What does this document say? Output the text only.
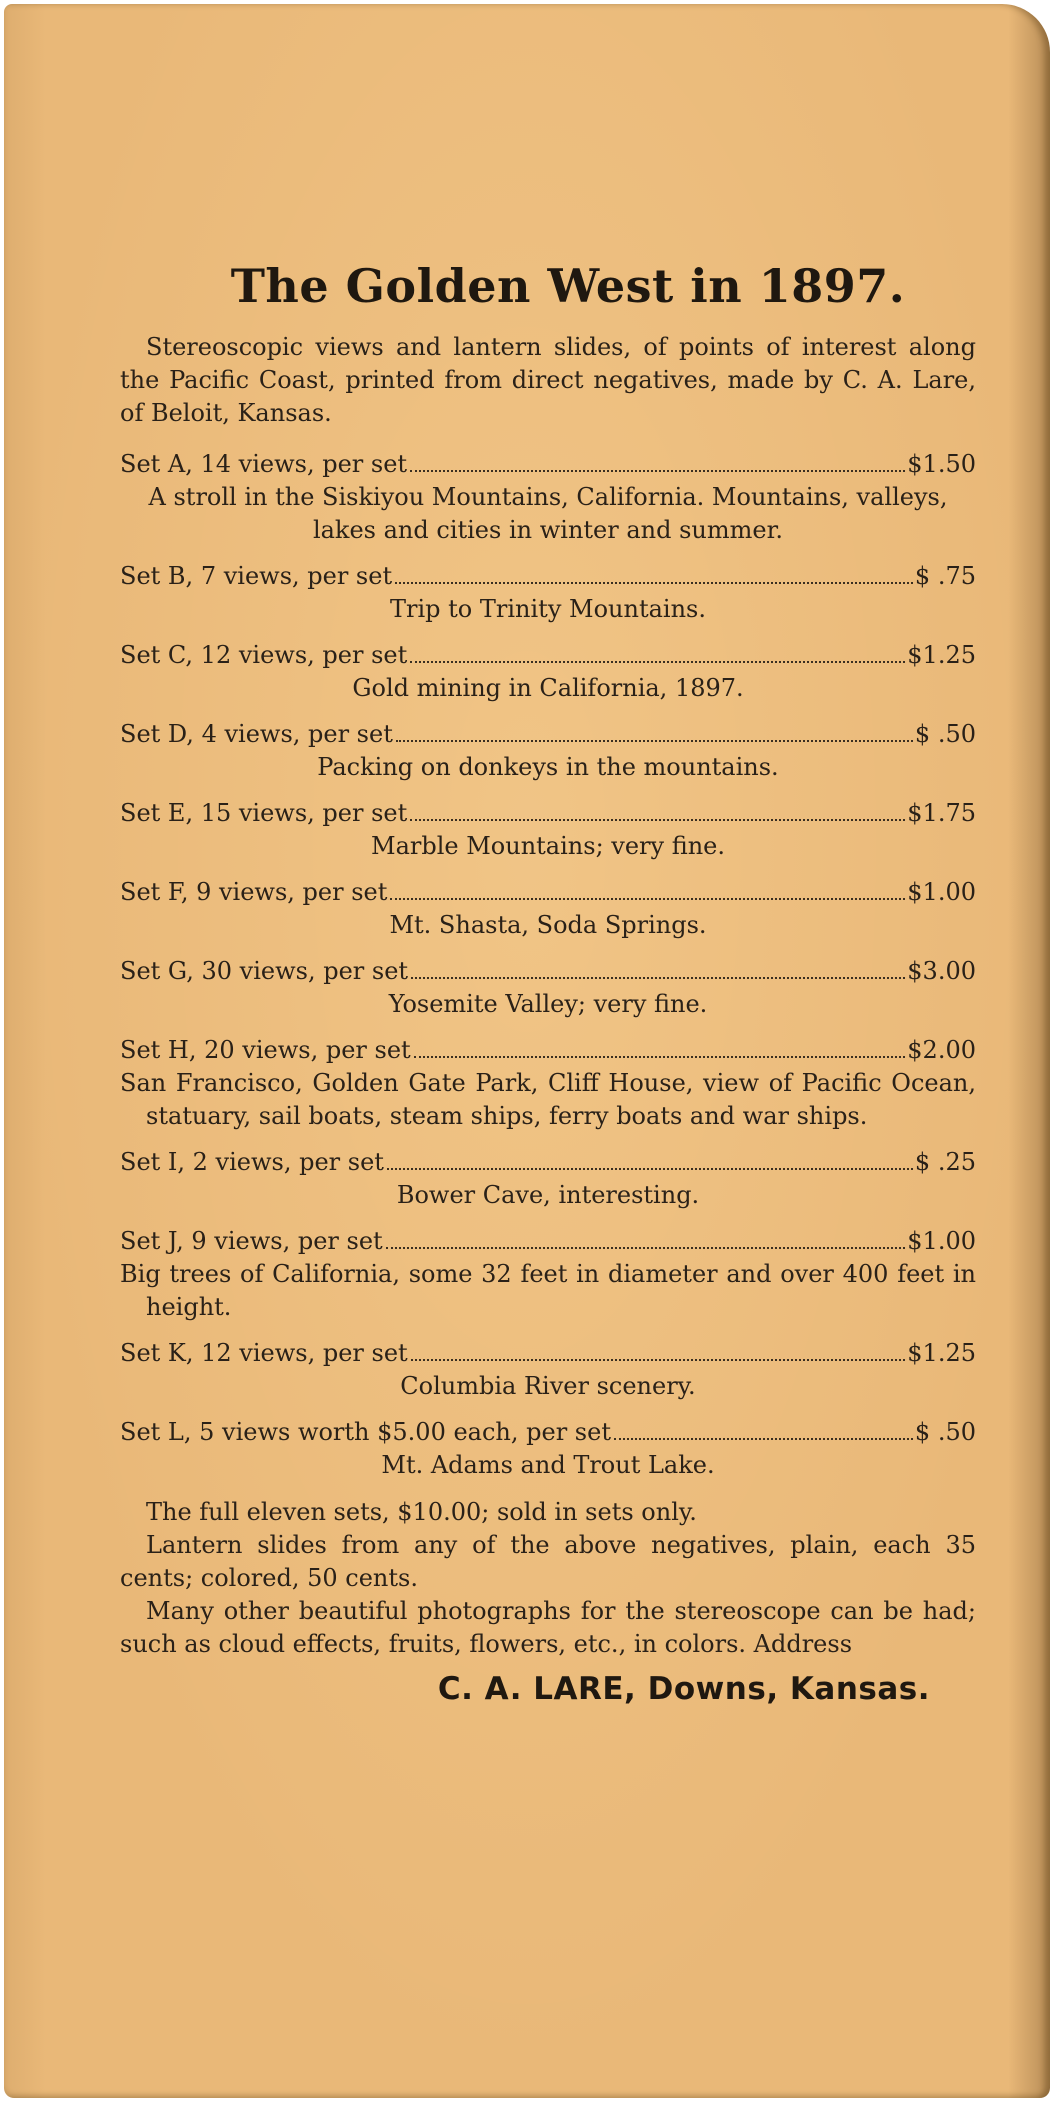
The Golden West in 1897.

Stereoscopic views and lantern slides, of points of interest along the Pacific Coast, printed from direct negatives, made by C. A. Lare, of Beloit, Kansas.

Set A, 14 views, per set	$1.50
A stroll in the Siskiyou Mountains, California. Mountains, valleys, lakes and cities in winter and summer.
Set B, 7 views, per set	$ .75
Trip to Trinity Mountains.
Set C, 12 views, per set	$1.25
Gold mining in California, 1897.
Set D, 4 views, per set	$ .50
Packing on donkeys in the mountains.
Set E, 15 views, per set	$1.75
Marble Mountains; very fine.
Set F, 9 views, per set	$1.00
Mt. Shasta, Soda Springs.
Set G, 30 views, per set	$3.00
Yosemite Valley; very fine.
Set H, 20 views, per set	$2.00
San Francisco, Golden Gate Park, Cliff House, view of Pacific Ocean, statuary, sail boats, steam ships, ferry boats and war ships.
Set I, 2 views, per set	$ .25
Bower Cave, interesting.
Set J, 9 views, per set	$1.00
Big trees of California, some 32 feet in diameter and over 400 feet in height.
Set K, 12 views, per set	$1.25
Columbia River scenery.
Set L, 5 views worth $5.00 each, per set	$ .50
Mt. Adams and Trout Lake.

The full eleven sets, $10.00; sold in sets only.

Lantern slides from any of the above negatives, plain, each 35 cents; colored, 50 cents.

Many other beautiful photographs for the stereoscope can be had; such as cloud effects, fruits, flowers, etc., in colors. Address

C. A. LARE, Downs, Kansas.
